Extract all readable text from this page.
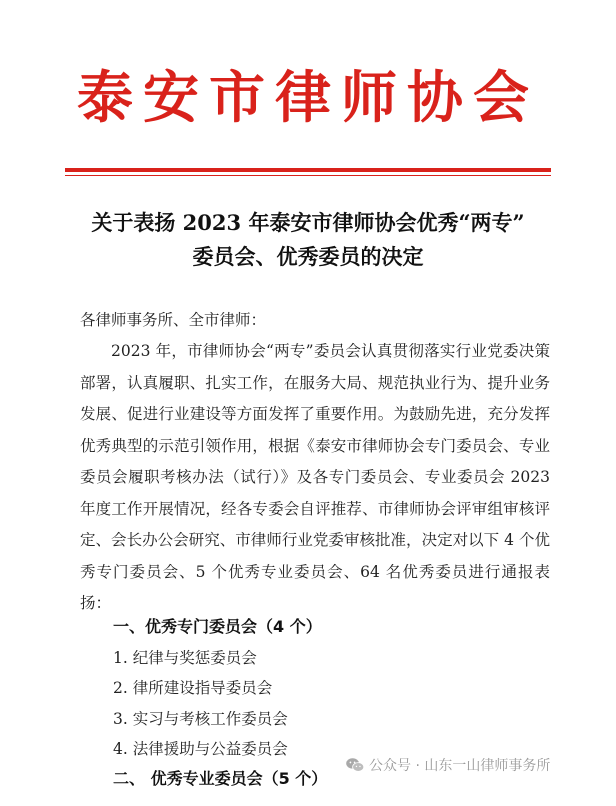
泰安市律师协会
关于表扬 2023 年泰安市律师协会优秀“两专”
委员会、优秀委员的决定
各律师事务所、全市律师：

2023 年，市律师协会“两专”委员会认真贯彻落实行业党委决策部署，认真履职、扎实工作，在服务大局、规范执业行为、提升业务发展、促进行业建设等方面发挥了重要作用。为鼓励先进，充分发挥优秀典型的示范引领作用，根据《泰安市律师协会专门委员会、专业委员会履职考核办法（试行）》及各专门委员会、专业委员会 2023 年度工作开展情况，经各专委会自评推荐、市律师协会评审组审核评定、会长办公会研究、市律师行业党委审核批准，决定对以下 4 个优秀专门委员会、5 个优秀专业委员会、64 名优秀委员进行通报表扬：

一、优秀专门委员会（4 个）
1. 纪律与奖惩委员会
2. 律所建设指导委员会
3. 实习与考核工作委员会
4. 法律援助与公益委员会
二、 优秀专业委员会（5 个）
公众号 · 山东一山律师事务所
